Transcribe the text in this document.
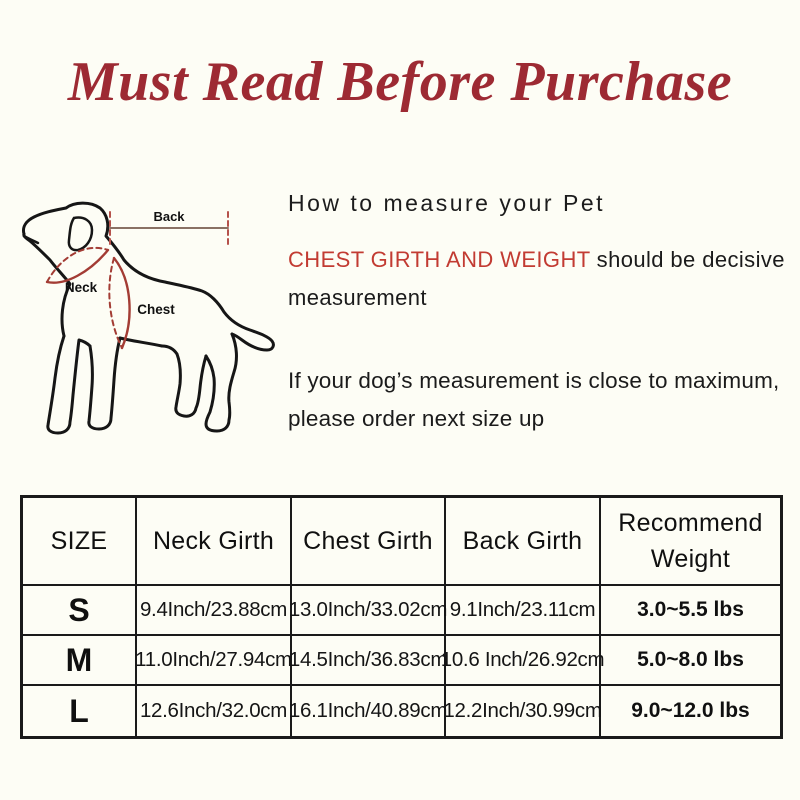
Must Read Before Purchase
Back
Neck
Chest

How to measure your Pet

CHEST GIRTH AND WEIGHT should be decisive

measurement

If your dog’s measurement is close to maximum,

please order next size up

SIZE Neck Girth Chest Girth Back Girth
Recommend Weight
S 9.4Inch/23.88cm 13.0Inch/33.02cm 9.1Inch/23.11cm 3.0~5.5 lbs
M 11.0Inch/27.94cm
14.5Inch/36.83cm
10.6 Inch/26.92cm 5.0~8.0 lbs
L 12.6Inch/32.0cm 16.1Inch/40.89cm
12.2Inch/30.99cm 9.0~12.0 lbs
